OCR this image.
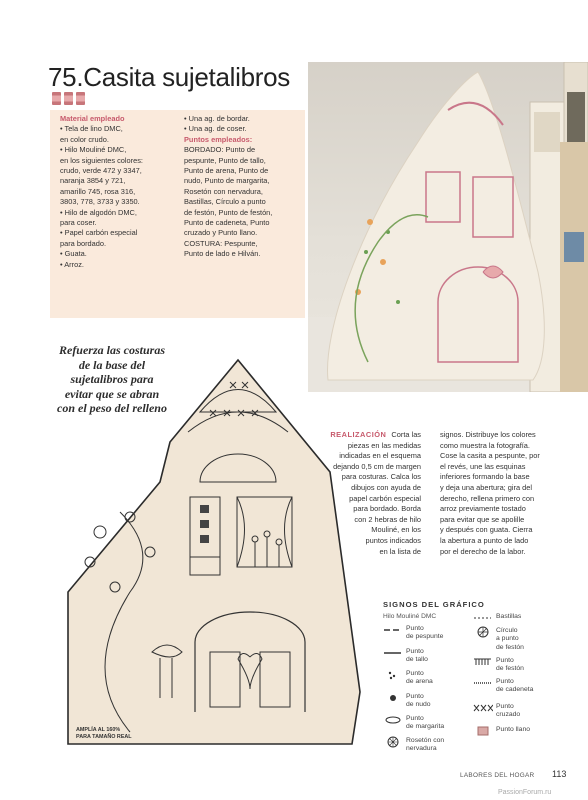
75.Casita sujetalibros
Material empleado
• Tela de lino DMC,
en color crudo.
• Hilo Mouliné DMC,
en los siguientes colores:
crudo, verde 472 y 3347,
naranja 3854 y 721,
amarillo 745, rosa 316,
3803, 778, 3733 y 3350.
• Hilo de algodón DMC,
para coser.
• Papel carbón especial
para bordado.
• Guata.
• Arroz.
• Una ag. de bordar.
• Una ag. de coser.
Puntos empleados:
BORDADO: Punto de
pespunte, Punto de tallo,
Punto de arena, Punto de
nudo, Punto de margarita,
Rosetón con nervadura,
Bastillas, Círculo a punto
de festón, Punto de festón,
Punto de cadeneta, Punto
cruzado y Punto llano.
COSTURA: Pespunte,
Punto de lado e Hilván.
Refuerza las costuras de la base del sujetalibros para evitar que se abran con el peso del relleno
AMPLÍA AL 160%
PARA TAMAÑO REAL
REALIZACIÓN Corta las
piezas en las medidas
indicadas en el esquema
dejando 0,5 cm de margen
para costuras. Calca los
dibujos con ayuda de
papel carbón especial
para bordado. Borda
con 2 hebras de hilo
Mouliné, en los
puntos indicados
en la lista de
signos. Distribuye los colores
como muestra la fotografía.
Cose la casita a pespunte, por
el revés, une las esquinas
inferiores formando la base
y deja una abertura; gira del
derecho, rellena primero con
arroz previamente tostado
para evitar que se apolille
y después con guata. Cierra
la abertura a punto de lado
por el derecho de la labor.
SIGNOS DEL GRÁFICO
Hilo Mouliné DMC
Punto
de pespunte
Punto
de tallo
Punto
de arena
Punto
de nudo
Punto
de margarita
Rosetón con
nervadura
Bastillas
Círculo
a punto
de festón
Punto
de festón
Punto
de cadeneta
Punto
cruzado
Punto llano
LABORES DEL HOGAR 113
PassionForum.ru
